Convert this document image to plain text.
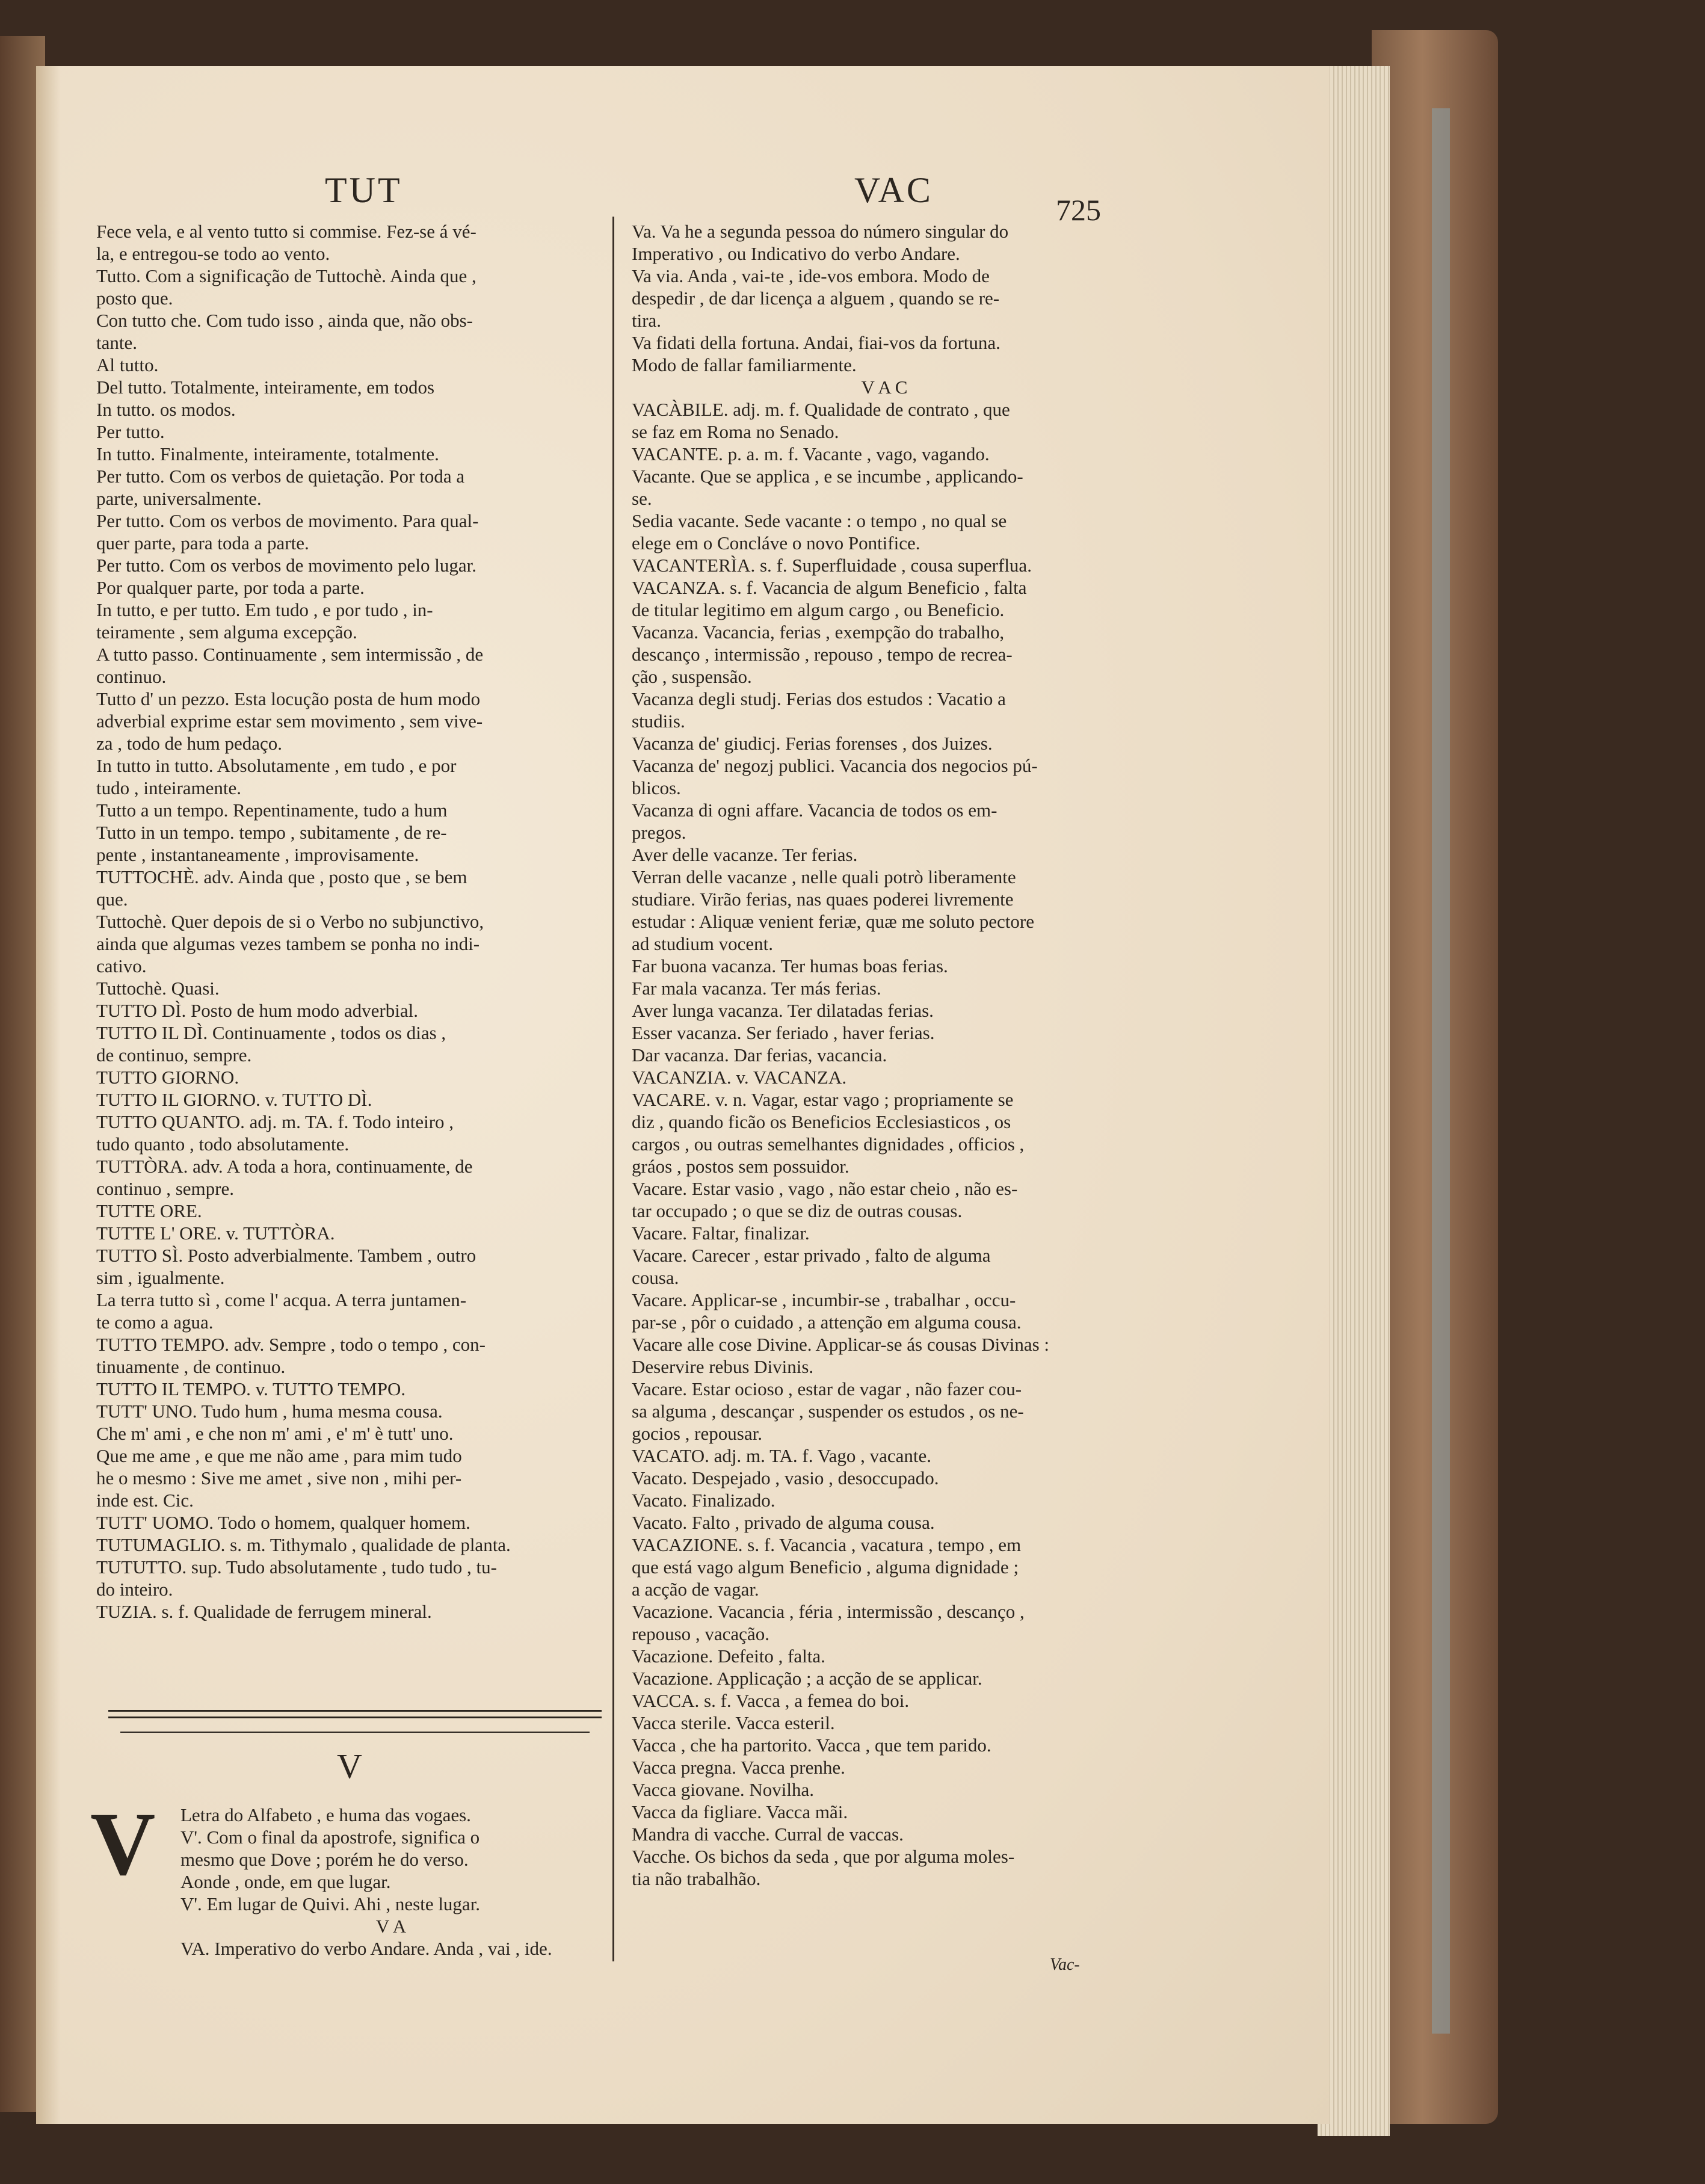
TUT	VAC	725
Fece vela, e al vento tutto si commise. Fez-se á vé-
la, e entregou-se todo ao vento.
Tutto. Com a significação de Tuttochè. Ainda que ,
posto que.
Con tutto che. Com tudo isso , ainda que, não obs-
tante.
Al tutto.
Del tutto. Totalmente, inteiramente, em todos
In tutto. os modos.
Per tutto.
In tutto. Finalmente, inteiramente, totalmente.
Per tutto. Com os verbos de quietação. Por toda a
parte, universalmente.
Per tutto. Com os verbos de movimento. Para qual-
quer parte, para toda a parte.
Per tutto. Com os verbos de movimento pelo lugar.
Por qualquer parte, por toda a parte.
In tutto, e per tutto. Em tudo , e por tudo , in-
teiramente , sem alguma excepção.
A tutto passo. Continuamente , sem intermissão , de
continuo.
Tutto d' un pezzo. Esta locução posta de hum modo
adverbial exprime estar sem movimento , sem vive-
za , todo de hum pedaço.
In tutto in tutto. Absolutamente , em tudo , e por
tudo , inteiramente.
Tutto a un tempo. Repentinamente, tudo a hum
Tutto in un tempo. tempo , subitamente , de re-
pente , instantaneamente , improvisamente.
TUTTOCHÈ. adv. Ainda que , posto que , se bem
que.
Tuttochè. Quer depois de si o Verbo no subjunctivo,
ainda que algumas vezes tambem se ponha no indi-
cativo.
Tuttochè. Quasi.
TUTTO DÌ. Posto de hum modo adverbial.
TUTTO IL DÌ. Continuamente , todos os dias ,
de continuo, sempre.
TUTTO GIORNO.
TUTTO IL GIORNO. v. TUTTO DÌ.
TUTTO QUANTO. adj. m. TA. f. Todo inteiro ,
tudo quanto , todo absolutamente.
TUTTÒRA. adv. A toda a hora, continuamente, de
continuo , sempre.
TUTTE ORE.
TUTTE L' ORE. v. TUTTÒRA.
TUTTO SÌ. Posto adverbialmente. Tambem , outro
sim , igualmente.
La terra tutto sì , come l' acqua. A terra juntamen-
te como a agua.
TUTTO TEMPO. adv. Sempre , todo o tempo , con-
tinuamente , de continuo.
TUTTO IL TEMPO. v. TUTTO TEMPO.
TUTT' UNO. Tudo hum , huma mesma cousa.
Che m' ami , e che non m' ami , e' m' è tutt' uno.
Que me ame , e que me não ame , para mim tudo
he o mesmo : Sive me amet , sive non , mihi per-
inde est. Cic.
TUTT' UOMO. Todo o homem, qualquer homem.
TUTUMAGLIO. s. m. Tithymalo , qualidade de planta.
TUTUTTO. sup. Tudo absolutamente , tudo tudo , tu-
do inteiro.
TUZIA. s. f. Qualidade de ferrugem mineral.
Va. Va he a segunda pessoa do número singular do
Imperativo , ou Indicativo do verbo Andare.
Va via. Anda , vai-te , ide-vos embora. Modo de
despedir , de dar licença a alguem , quando se re-
tira.
Va fidati della fortuna. Andai, fiai-vos da fortuna.
Modo de fallar familiarmente.
V A C
VACÀBILE. adj. m. f. Qualidade de contrato , que
se faz em Roma no Senado.
VACANTE. p. a. m. f. Vacante , vago, vagando.
Vacante. Que se applica , e se incumbe , applicando-
se.
Sedia vacante. Sede vacante : o tempo , no qual se
elege em o Concláve o novo Pontifice.
VACANTERÌA. s. f. Superfluidade , cousa superflua.
VACANZA. s. f. Vacancia de algum Beneficio , falta
de titular legitimo em algum cargo , ou Beneficio.
Vacanza. Vacancia, ferias , exempção do trabalho,
descanço , intermissão , repouso , tempo de recrea-
ção , suspensão.
Vacanza degli studj. Ferias dos estudos : Vacatio a
studiis.
Vacanza de' giudicj. Ferias forenses , dos Juizes.
Vacanza de' negozj publici. Vacancia dos negocios pú-
blicos.
Vacanza di ogni affare. Vacancia de todos os em-
pregos.
Aver delle vacanze. Ter ferias.
Verran delle vacanze , nelle quali potrò liberamente
studiare. Virão ferias, nas quaes poderei livremente
estudar : Aliquæ venient feriæ, quæ me soluto pectore
ad studium vocent.
Far buona vacanza. Ter humas boas ferias.
Far mala vacanza. Ter más ferias.
Aver lunga vacanza. Ter dilatadas ferias.
Esser vacanza. Ser feriado , haver ferias.
Dar vacanza. Dar ferias, vacancia.
VACANZIA. v. VACANZA.
VACARE. v. n. Vagar, estar vago ; propriamente se
diz , quando ficão os Beneficios Ecclesiasticos , os
cargos , ou outras semelhantes dignidades , officios ,
gráos , postos sem possuidor.
Vacare. Estar vasio , vago , não estar cheio , não es-
tar occupado ; o que se diz de outras cousas.
Vacare. Faltar, finalizar.
Vacare. Carecer , estar privado , falto de alguma
cousa.
Vacare. Applicar-se , incumbir-se , trabalhar , occu-
par-se , pôr o cuidado , a attenção em alguma cousa.
Vacare alle cose Divine. Applicar-se ás cousas Divinas :
Deservire rebus Divinis.
Vacare. Estar ocioso , estar de vagar , não fazer cou-
sa alguma , descançar , suspender os estudos , os ne-
gocios , repousar.
VACATO. adj. m. TA. f. Vago , vacante.
Vacato. Despejado , vasio , desoccupado.
Vacato. Finalizado.
Vacato. Falto , privado de alguma cousa.
VACAZIONE. s. f. Vacancia , vacatura , tempo , em
que está vago algum Beneficio , alguma dignidade ;
a acção de vagar.
Vacazione. Vacancia , féria , intermissão , descanço ,
repouso , vacação.
Vacazione. Defeito , falta.
Vacazione. Applicação ; a acção de se applicar.
VACCA. s. f. Vacca , a femea do boi.
Vacca sterile. Vacca esteril.
Vacca , che ha partorito. Vacca , que tem parido.
Vacca pregna. Vacca prenhe.
Vacca giovane. Novilha.
Vacca da figliare. Vacca mãi.
Mandra di vacche. Curral de vaccas.
Vacche. Os bichos da seda , que por alguma moles-
tia não trabalhão.
V
V Letra do Alfabeto , e huma das vogaes.
V'. Com o final da apostrofe, significa o
mesmo que Dove ; porém he do verso.
Aonde , onde, em que lugar.
V'. Em lugar de Quivi. Ahi , neste lugar.
V A
VA. Imperativo do verbo Andare. Anda , vai , ide.
Vac-
